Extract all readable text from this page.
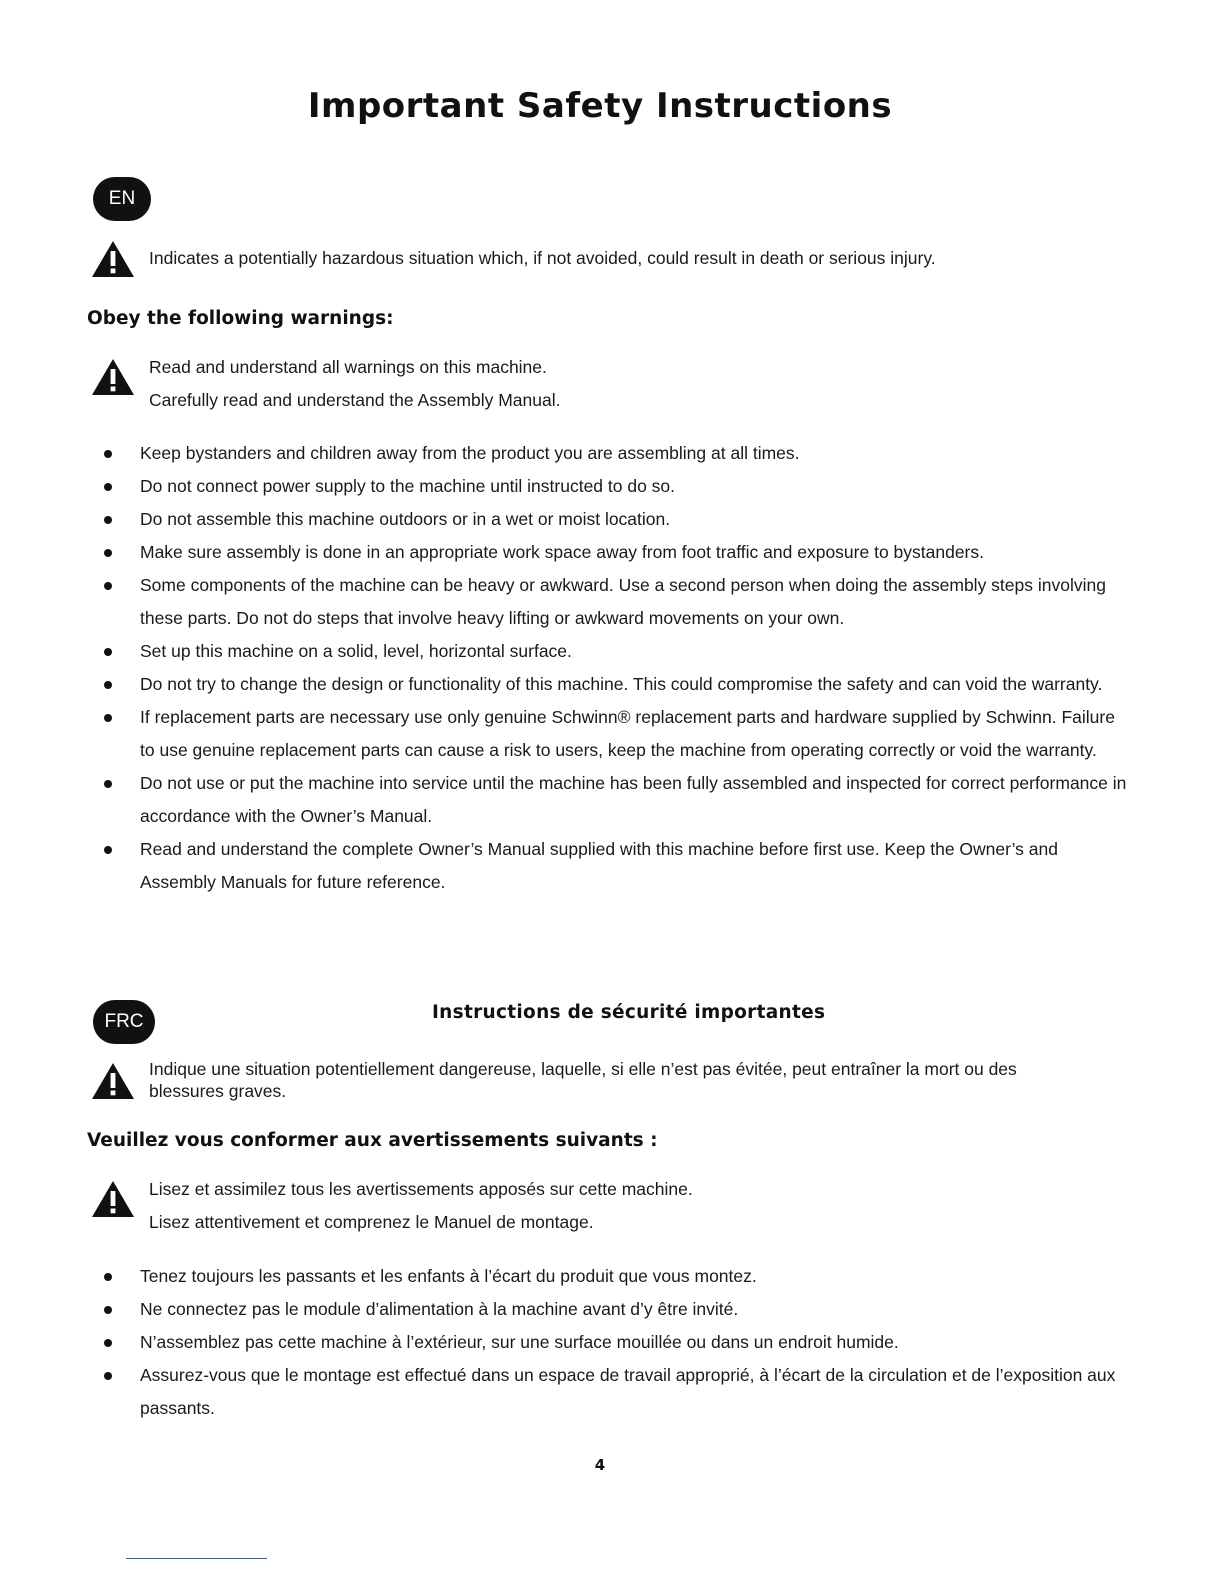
Important Safety Instructions
EN
Indicates a potentially hazardous situation which, if not avoided, could result in death or serious injury.
Obey the following warnings:

Read and understand all warnings on this machine.

Carefully read and understand the Assembly Manual.

Keep bystanders and children away from the product you are assembling at all times.
Do not connect power supply to the machine until instructed to do so.
Do not assemble this machine outdoors or in a wet or moist location.
Make sure assembly is done in an appropriate work space away from foot traffic and exposure to bystanders.
Some components of the machine can be heavy or awkward. Use a second person when doing the assembly steps involving these parts. Do not do steps that involve heavy lifting or awkward movements on your own.
Set up this machine on a solid, level, horizontal surface.
Do not try to change the design or functionality of this machine. This could compromise the safety and can void the warranty.
If replacement parts are necessary use only genuine Schwinn® replacement parts and hardware supplied by Schwinn. Failure to use genuine replacement parts can cause a risk to users, keep the machine from operating correctly or void the warranty.
Do not use or put the machine into service until the machine has been fully assembled and inspected for correct performance in accordance with the Owner’s Manual.
Read and understand the complete Owner’s Manual supplied with this machine before first use. Keep the Owner’s and Assembly Manuals for future reference.
FRC	Instructions de sécurité importantes
Indique une situation potentiellement dangereuse, laquelle, si elle n’est pas évitée, peut entraîner la mort ou des blessures graves.
Veuillez vous conformer aux avertissements suivants :

Lisez et assimilez tous les avertissements apposés sur cette machine.

Lisez attentivement et comprenez le Manuel de montage.

Tenez toujours les passants et les enfants à l’écart du produit que vous montez.
Ne connectez pas le module d’alimentation à la machine avant d’y être invité.
N’assemblez pas cette machine à l’extérieur, sur une surface mouillée ou dans un endroit humide.
Assurez-vous que le montage est effectué dans un espace de travail approprié, à l’écart de la circulation et de l’exposition aux passants.
4
